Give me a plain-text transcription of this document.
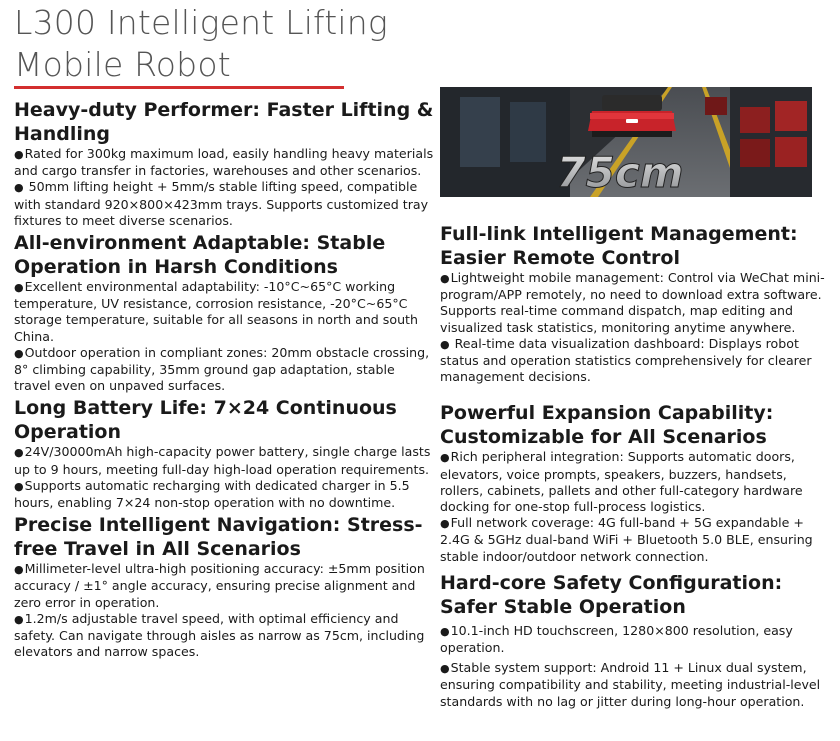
L300 Intelligent Lifting
Mobile Robot
75cm
Heavy-duty Performer: Faster Lifting & Handling

●Rated for 300kg maximum load, easily handling heavy materials and cargo transfer in factories, warehouses and other scenarios.

● 50mm lifting height + 5mm/s stable lifting speed, compatible with standard 920×800×423mm trays. Supports customized tray fixtures to meet diverse scenarios.

All-environment Adaptable: Stable Operation in Harsh Conditions

●Excellent environmental adaptability: -10°C~65°C working temperature, UV resistance, corrosion resistance, -20°C~65°C storage temperature, suitable for all seasons in north and south China.

●Outdoor operation in compliant zones: 20mm obstacle crossing, 8° climbing capability, 35mm ground gap adaptation, stable travel even on unpaved surfaces.

Long Battery Life: 7×24 Continuous Operation

●24V/30000mAh high-capacity power battery, single charge lasts up to 9 hours, meeting full-day high-load operation requirements.

●Supports automatic recharging with dedicated charger in 5.5 hours, enabling 7×24 non-stop operation with no downtime.

Precise Intelligent Navigation: Stress-free Travel in All Scenarios

●Millimeter-level ultra-high positioning accuracy: ±5mm position accuracy / ±1° angle accuracy, ensuring precise alignment and zero error in operation.

●1.2m/s adjustable travel speed, with optimal efficiency and safety. Can navigate through aisles as narrow as 75cm, including elevators and narrow spaces.

Full-link Intelligent Management: Easier Remote Control

●Lightweight mobile management: Control via WeChat mini-program/APP remotely, no need to download extra software. Supports real-time command dispatch, map editing and visualized task statistics, monitoring anytime anywhere.

● Real-time data visualization dashboard: Displays robot status and operation statistics comprehensively for clearer management decisions.

Powerful Expansion Capability: Customizable for All Scenarios

●Rich peripheral integration: Supports automatic doors, elevators, voice prompts, speakers, buzzers, handsets, rollers, cabinets, pallets and other full-category hardware docking for one-stop full-process logistics.

●Full network coverage: 4G full-band + 5G expandable + 2.4G & 5GHz dual-band WiFi + Bluetooth 5.0 BLE, ensuring stable indoor/outdoor network connection.

Hard-core Safety Configuration: Safer Stable Operation

●10.1-inch HD touchscreen, 1280×800 resolution, easy operation.

●Stable system support: Android 11 + Linux dual system, ensuring compatibility and stability, meeting industrial-level standards with no lag or jitter during long-hour operation.
